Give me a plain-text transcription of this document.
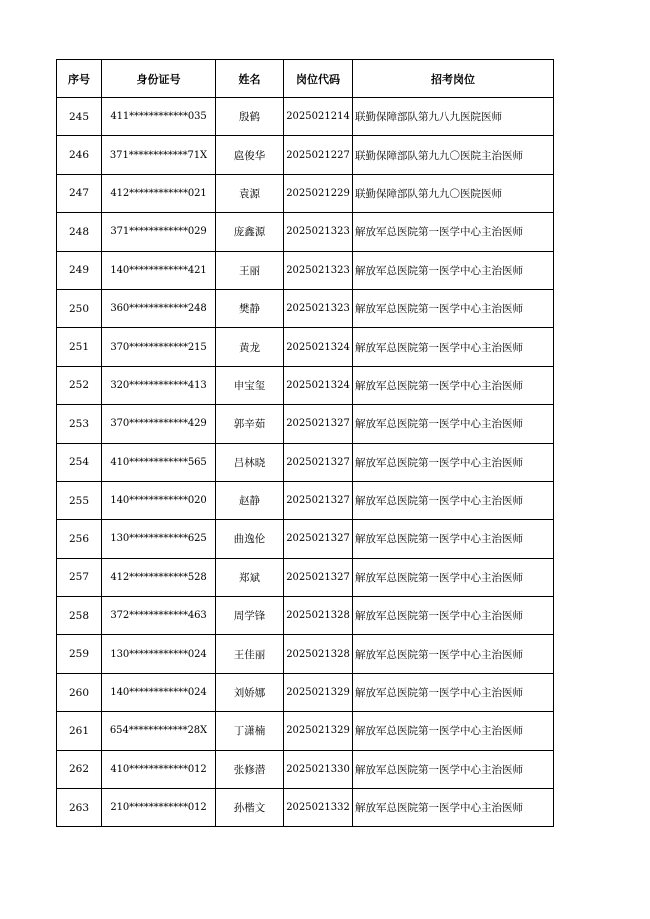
序号	身份证号	姓名	岗位代码	招考岗位
245	411************035	殷鹤	2025021214	联勤保障部队第九八九医院医师
246	371************71X	扈俊华	2025021227	联勤保障部队第九九〇医院主治医师
247	412************021	袁源	2025021229	联勤保障部队第九九〇医院医师
248	371************029	庞鑫源	2025021323	解放军总医院第一医学中心主治医师
249	140************421	王丽	2025021323	解放军总医院第一医学中心主治医师
250	360************248	樊静	2025021323	解放军总医院第一医学中心主治医师
251	370************215	黄龙	2025021324	解放军总医院第一医学中心主治医师
252	320************413	申宝玺	2025021324	解放军总医院第一医学中心主治医师
253	370************429	郭辛茹	2025021327	解放军总医院第一医学中心主治医师
254	410************565	吕林晓	2025021327	解放军总医院第一医学中心主治医师
255	140************020	赵静	2025021327	解放军总医院第一医学中心主治医师
256	130************625	曲逸伦	2025021327	解放军总医院第一医学中心主治医师
257	412************528	郑斌	2025021327	解放军总医院第一医学中心主治医师
258	372************463	周学锋	2025021328	解放军总医院第一医学中心主治医师
259	130************024	王佳丽	2025021328	解放军总医院第一医学中心主治医师
260	140************024	刘娇娜	2025021329	解放军总医院第一医学中心主治医师
261	654************28X	丁潇楠	2025021329	解放军总医院第一医学中心主治医师
262	410************012	张修潜	2025021330	解放军总医院第一医学中心主治医师
263	210************012	孙楷文	2025021332	解放军总医院第一医学中心主治医师
